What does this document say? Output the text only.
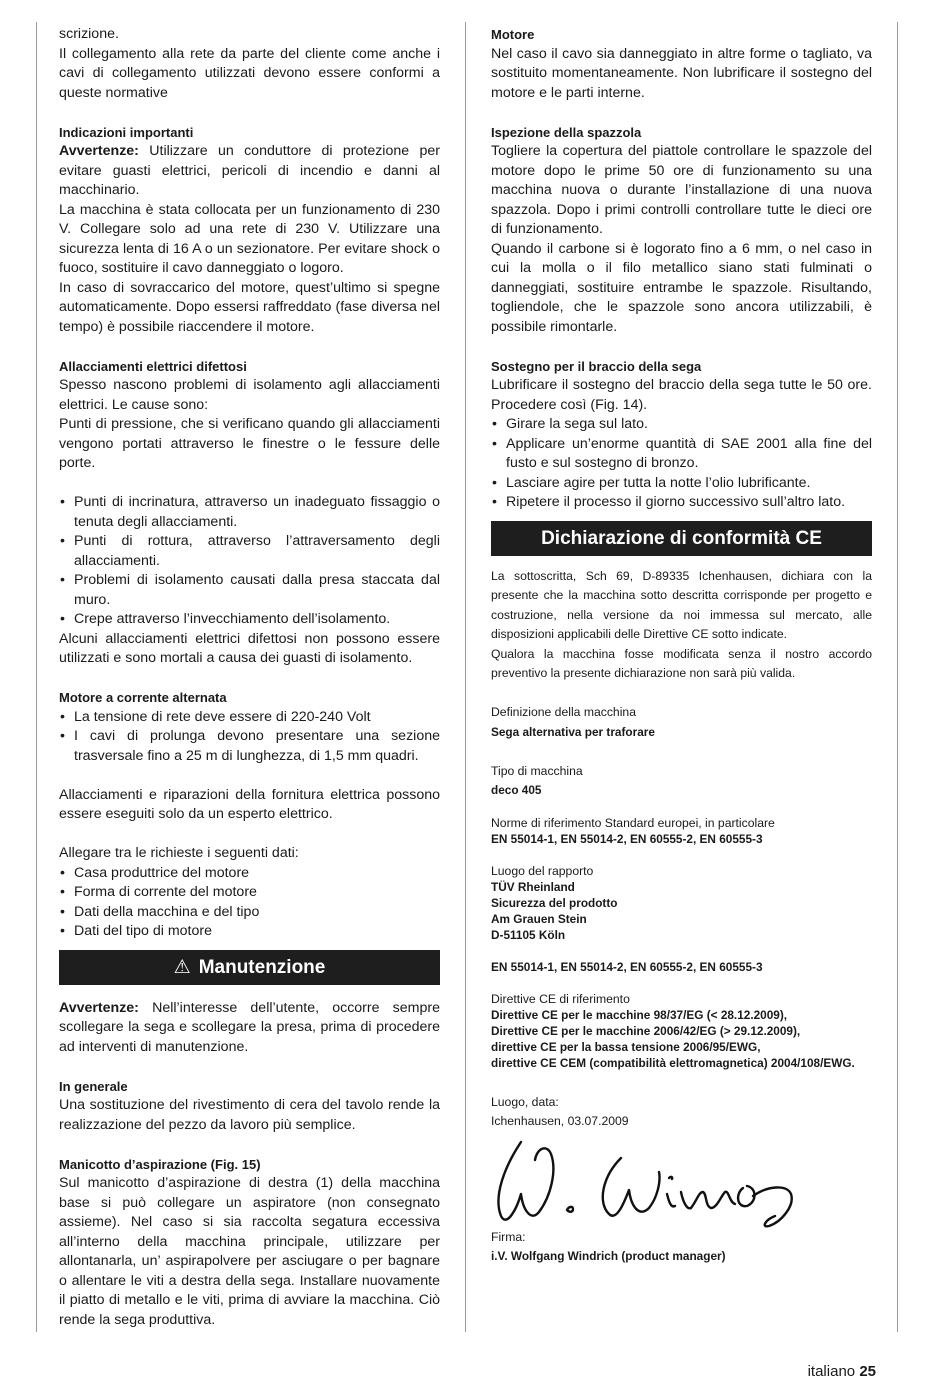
scrizione.

Il collegamento alla rete da parte del cliente come anche i cavi di collegamento utilizzati devono essere conformi a queste normative

Indicazioni importanti

Avvertenze: Utilizzare un conduttore di protezione per evitare guasti elettrici, pericoli di incendio e danni al macchinario.

La macchina è stata collocata per un funzionamento di 230 V. Collegare solo ad una rete di 230 V. Utilizzare una sicurezza lenta di 16 A o un sezionatore. Per evitare shock o fuoco, sostituire il cavo danneggiato o logoro.

In caso di sovraccarico del motore, quest’ultimo si spegne automaticamente. Dopo essersi raffreddato (fase diversa nel tempo) è possibile riaccendere il motore.

Allacciamenti elettrici difettosi

Spesso nascono problemi di isolamento agli allacciamenti elettrici. Le cause sono:

Punti di pressione, che si verificano quando gli allacciamenti vengono portati attraverso le finestre o le fessure delle porte.

• Punti di incrinatura, attraverso un inadeguato fissaggio o tenuta degli allacciamenti.
• Punti di rottura, attraverso l’attraversamento degli allacciamenti.
• Problemi di isolamento causati dalla presa staccata dal muro.
• Crepe attraverso l’invecchiamento dell’isolamento.

Alcuni allacciamenti elettrici difettosi non possono essere utilizzati e sono mortali a causa dei guasti di isolamento.

Motore a corrente alternata

• La tensione di rete deve essere di 220-240 Volt
• I cavi di prolunga devono presentare una sezione trasversale fino a 25 m di lunghezza, di 1,5 mm quadri.

Allacciamenti e riparazioni della fornitura elettrica possono essere eseguiti solo da un esperto elettrico.

Allegare tra le richieste i seguenti dati:

• Casa produttrice del motore
• Forma di corrente del motore
• Dati della macchina e del tipo
• Dati del tipo di motore
⚠ Manutenzione

Avvertenze: Nell’interesse dell’utente, occorre sempre scollegare la sega e scollegare la presa, prima di procedere ad interventi di manutenzione.

In generale

Una sostituzione del rivestimento di cera del tavolo rende la realizzazione del pezzo da lavoro più semplice.

Manicotto d’aspirazione (Fig. 15)

Sul manicotto d’aspirazione di destra (1) della macchina base si può collegare un aspiratore (non consegnato assieme). Nel caso si sia raccolta segatura eccessiva all’interno della macchina principale, utilizzare per allontanarla, un’ aspirapolvere per asciugare o per bagnare o allentare le viti a destra della sega. Installare nuovamente il piatto di metallo e le viti, prima di avviare la macchina. Ciò rende la sega produttiva.

Motore

Nel caso il cavo sia danneggiato in altre forme o tagliato, va sostituito momentaneamente. Non lubrificare il sostegno del motore e le parti interne.

Ispezione della spazzola

Togliere la copertura del piattole controllare le spazzole del motore dopo le prime 50 ore di funzionamento su una macchina nuova o durante l’installazione di una nuova spazzola. Dopo i primi controlli controllare tutte le dieci ore di funzionamento.

Quando il carbone si è logorato fino a 6 mm, o nel caso in cui la molla o il filo metallico siano stati fulminati o danneggiati, sostituire entrambe le spazzole. Risultando, togliendole, che le spazzole sono ancora utilizzabili, è possibile rimontarle.

Sostegno per il braccio della sega

Lubrificare il sostegno del braccio della sega tutte le 50 ore. Procedere così (Fig. 14).

• Girare la sega sul lato.
• Applicare un’enorme quantità di SAE 2001 alla fine del fusto e sul sostegno di bronzo.
• Lasciare agire per tutta la notte l’olio lubrificante.
• Ripetere il processo il giorno successivo sull’altro lato.
Dichiarazione di conformità CE

La sottoscritta, Sch 69, D-89335 Ichenhausen, dichiara con la presente che la macchina sotto descritta corrisponde per progetto e costruzione, nella versione da noi immessa sul mercato, alle disposizioni applicabili delle Direttive CE sotto indicate.

Qualora la macchina fosse modificata senza il nostro accordo preventivo la presente dichiarazione non sarà più valida.

Definizione della macchina

Sega alternativa per traforare

Tipo di macchina

deco 405

Norme di riferimento Standard europei, in particolare

EN 55014-1, EN 55014-2, EN 60555-2, EN 60555-3

Luogo del rapporto

TÜV Rheinland

Sicurezza del prodotto

Am Grauen Stein

D-51105 Köln

EN 55014-1, EN 55014-2, EN 60555-2, EN 60555-3

Direttive CE di riferimento

Direttive CE per le macchine 98/37/EG (< 28.12.2009),

Direttive CE per le macchine 2006/42/EG (> 29.12.2009),

direttive CE per la bassa tensione 2006/95/EWG,

direttive CE CEM (compatibilità elettromagnetica) 2004/108/EWG.

Luogo, data:

Ichenhausen, 03.07.2009

Firma:

i.V. Wolfgang Windrich (product manager)

italiano 25
